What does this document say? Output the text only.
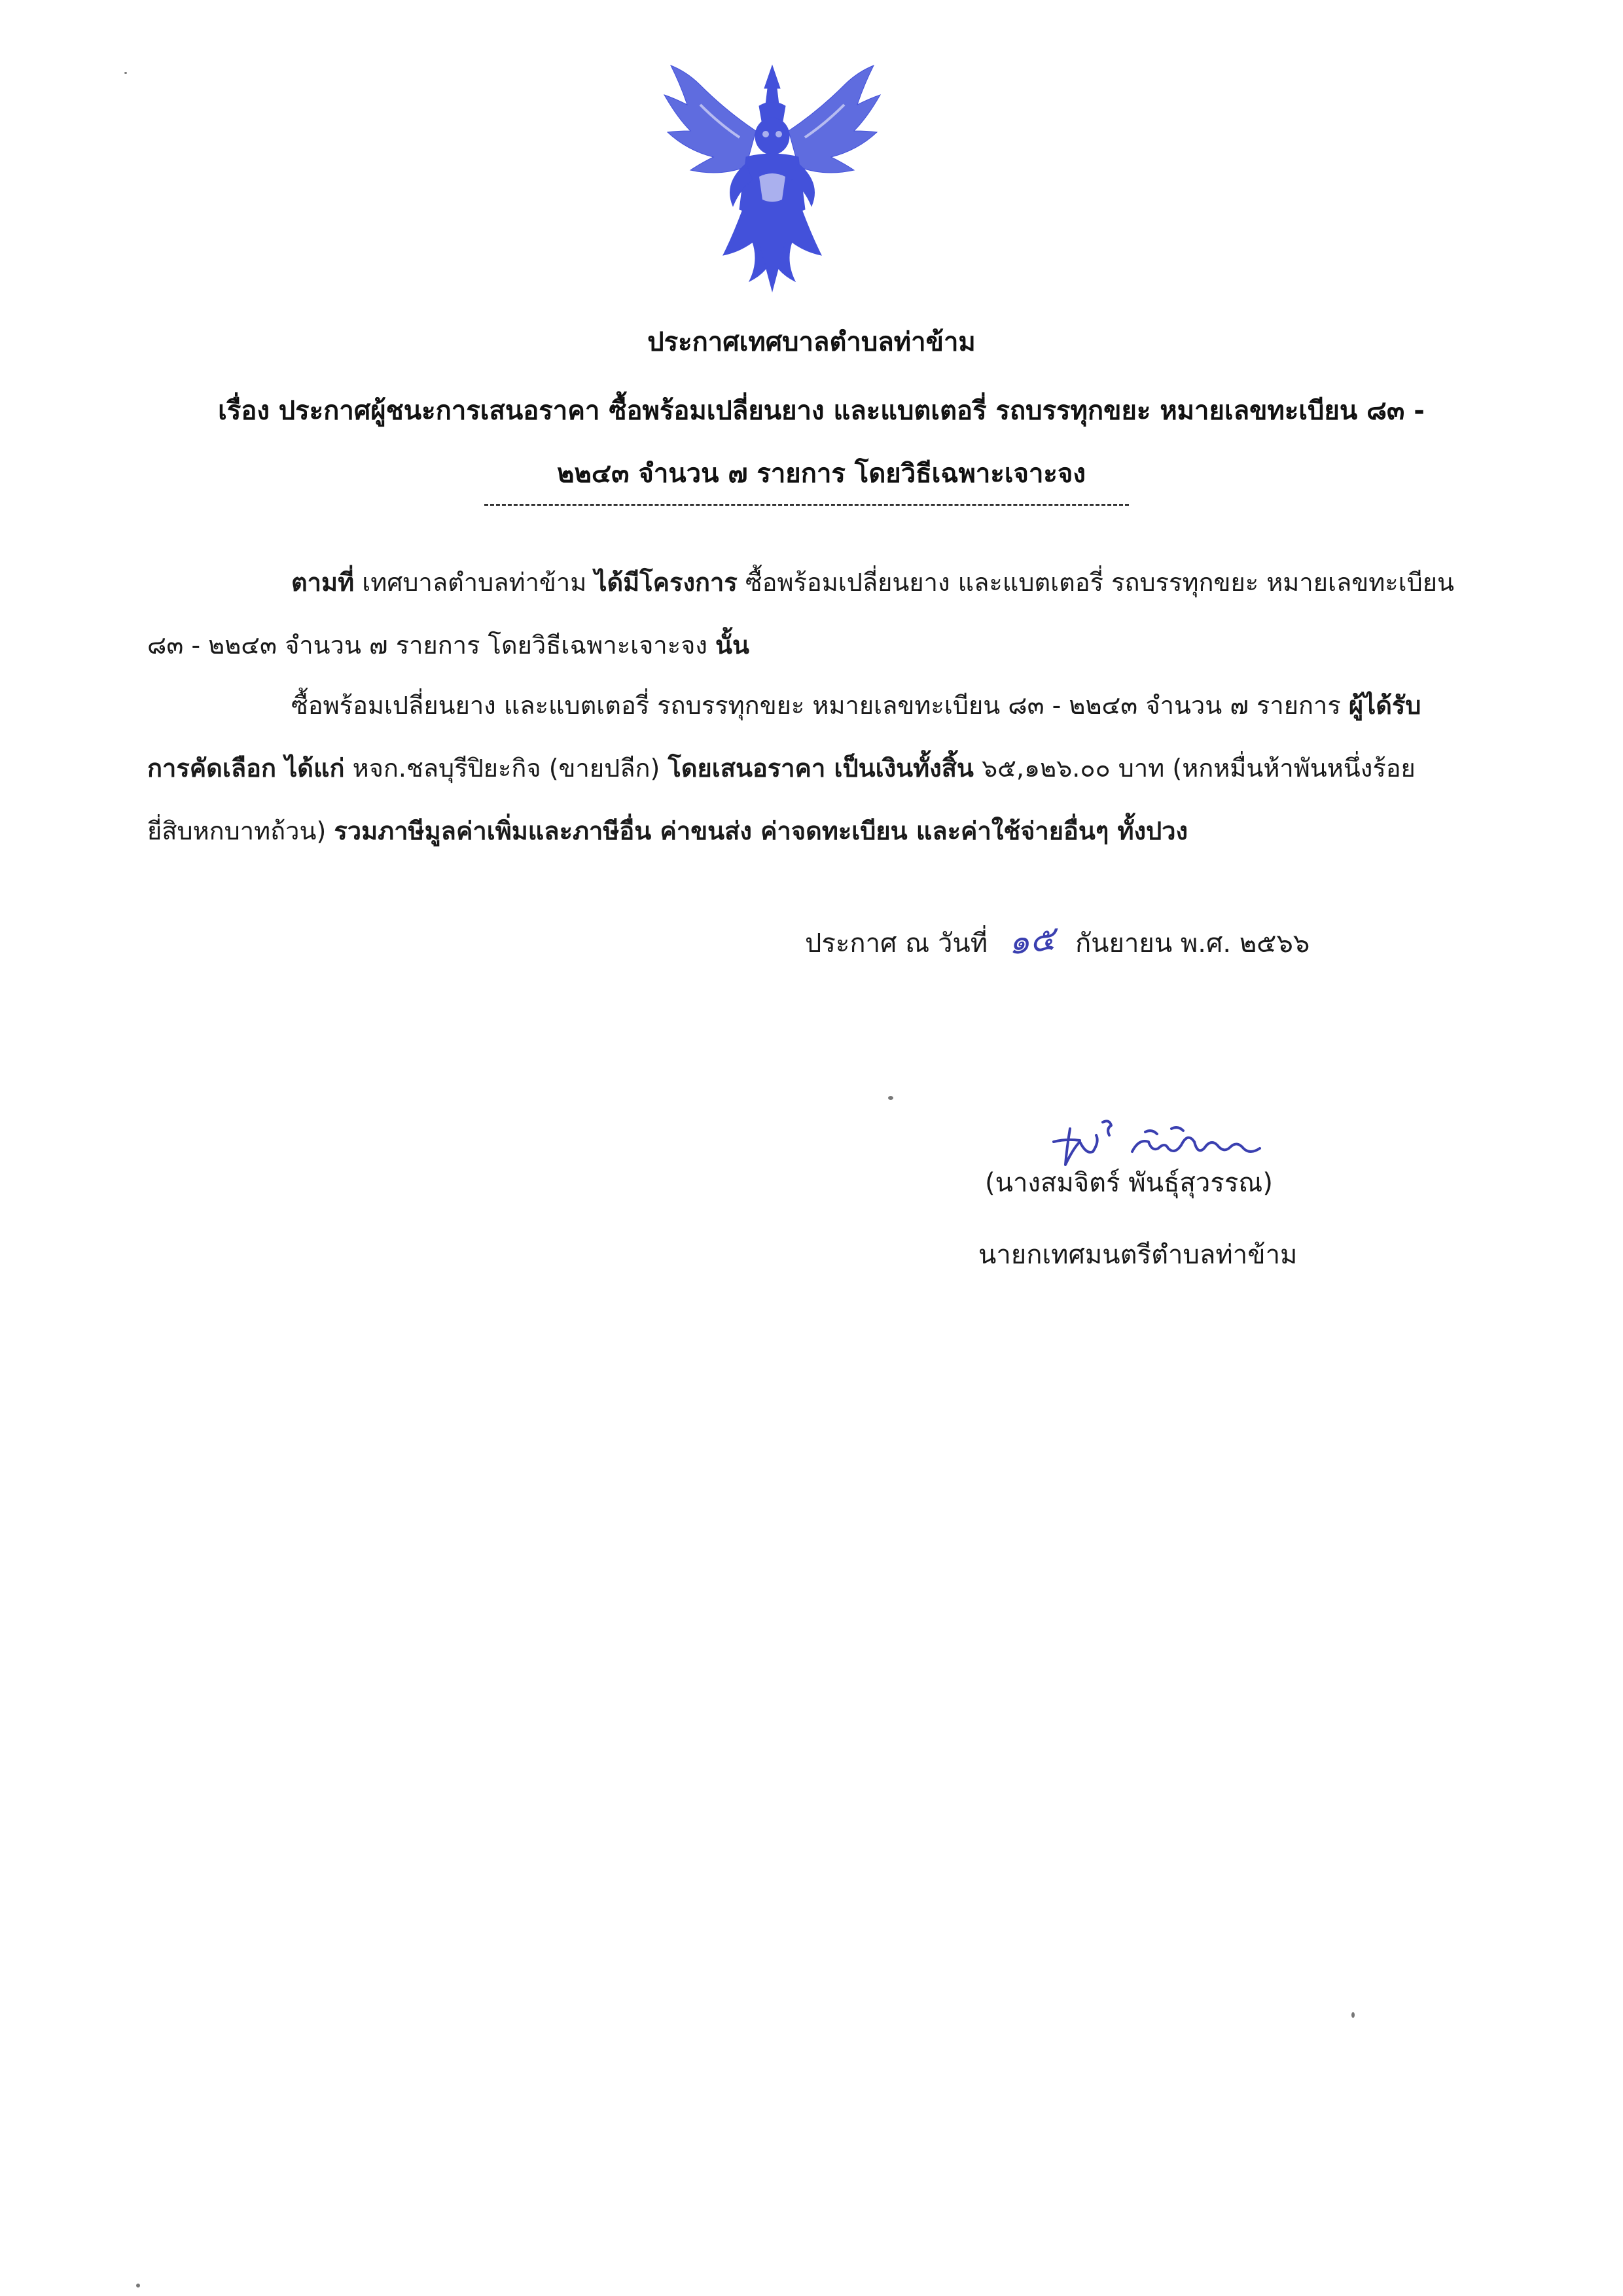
ประกาศเทศบาลตำบลท่าข้าม
เรื่อง ประกาศผู้ชนะการเสนอราคา ซื้อพร้อมเปลี่ยนยาง และแบตเตอรี่ รถบรรทุกขยะ หมายเลขทะเบียน ๘๓ -
๒๒๔๓ จำนวน ๗ รายการ โดยวิธีเฉพาะเจาะจง
ตามที่ เทศบาลตำบลท่าข้าม ได้มีโครงการ ซื้อพร้อมเปลี่ยนยาง และแบตเตอรี่ รถบรรทุกขยะ หมายเลขทะเบียน ๘๓ - ๒๒๔๓ จำนวน ๗ รายการ โดยวิธีเฉพาะเจาะจง นั้น
ซื้อพร้อมเปลี่ยนยาง และแบตเตอรี่ รถบรรทุกขยะ หมายเลขทะเบียน ๘๓ - ๒๒๔๓ จำนวน ๗ รายการ ผู้ได้รับการคัดเลือก ได้แก่ หจก.ชลบุรีปิยะกิจ (ขายปลีก) โดยเสนอราคา เป็นเงินทั้งสิ้น ๖๕,๑๒๖.๐๐ บาท (หกหมื่นห้าพันหนึ่งร้อยยี่สิบหกบาทถ้วน) รวมภาษีมูลค่าเพิ่มและภาษีอื่น ค่าขนส่ง ค่าจดทะเบียน และค่าใช้จ่ายอื่นๆ ทั้งปวง
ประกาศ ณ วันที่ ๑๕ กันยายน พ.ศ. ๒๕๖๖
(นางสมจิตร์ พันธุ์สุวรรณ)
นายกเทศมนตรีตำบลท่าข้าม
